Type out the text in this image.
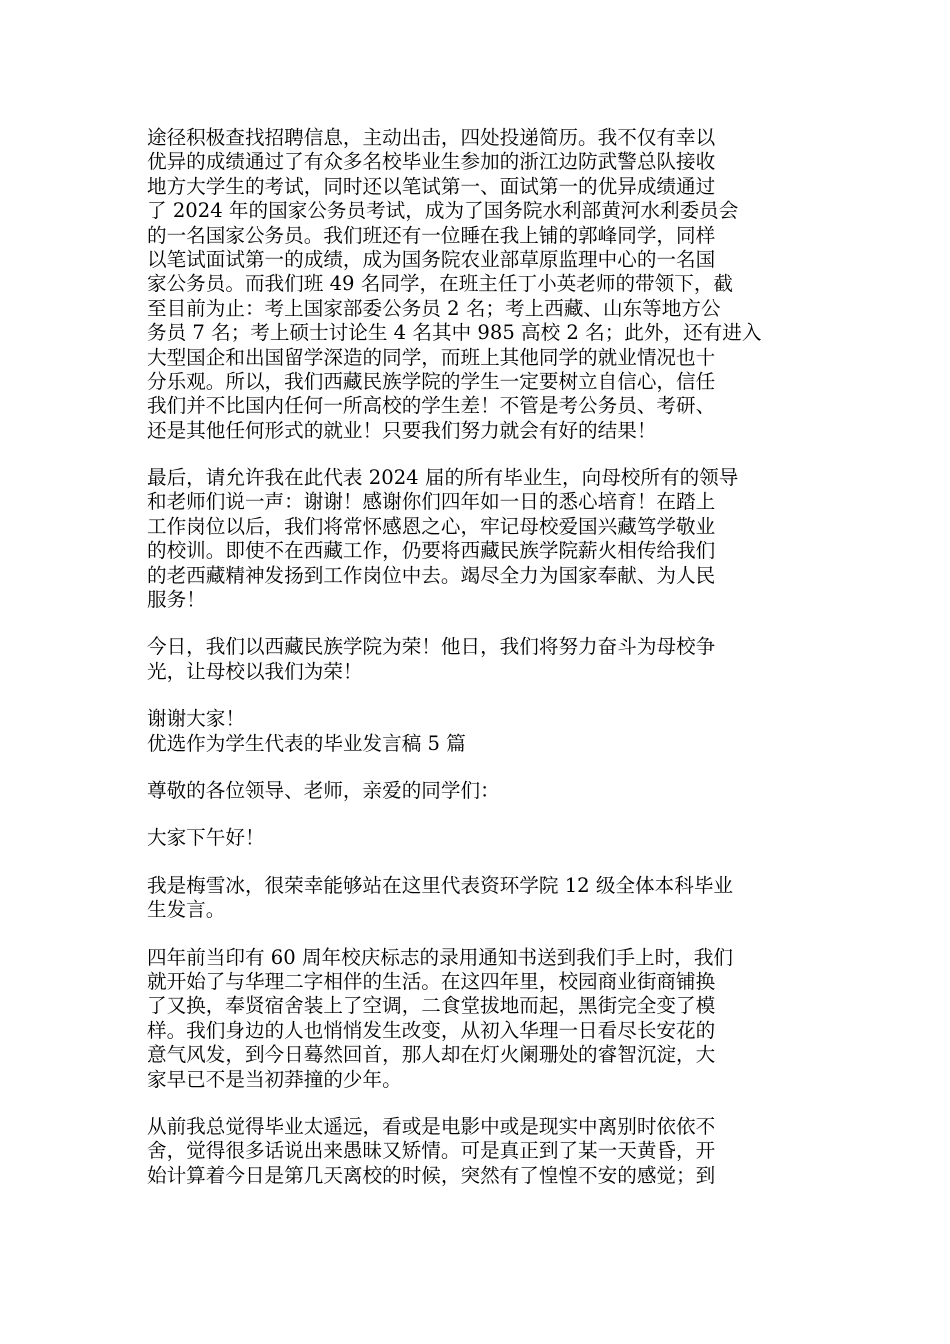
途径积极查找招聘信息，主动出击，四处投递简历。我不仅有幸以
优异的成绩通过了有众多名校毕业生参加的浙江边防武警总队接收
地方大学生的考试，同时还以笔试第一、面试第一的优异成绩通过
了 2024 年的国家公务员考试，成为了国务院水利部黄河水利委员会
的一名国家公务员。我们班还有一位睡在我上铺的郭峰同学，同样
以笔试面试第一的成绩，成为国务院农业部草原监理中心的一名国
家公务员。而我们班 49 名同学，在班主任丁小英老师的带领下，截
至目前为止：考上国家部委公务员 2 名；考上西藏、山东等地方公
务员 7 名；考上硕士讨论生 4 名其中 985 高校 2 名；此外，还有进入
大型国企和出国留学深造的同学，而班上其他同学的就业情况也十
分乐观。所以，我们西藏民族学院的学生一定要树立自信心，信任
我们并不比国内任何一所高校的学生差！不管是考公务员、考研、
还是其他任何形式的就业！只要我们努力就会有好的结果！
最后，请允许我在此代表 2024 届的所有毕业生，向母校所有的领导
和老师们说一声：谢谢！感谢你们四年如一日的悉心培育！在踏上
工作岗位以后，我们将常怀感恩之心，牢记母校爱国兴藏笃学敬业
的校训。即使不在西藏工作，仍要将西藏民族学院薪火相传给我们
的老西藏精神发扬到工作岗位中去。竭尽全力为国家奉献、为人民
服务！
今日，我们以西藏民族学院为荣！他日，我们将努力奋斗为母校争
光，让母校以我们为荣！
谢谢大家！
优选作为学生代表的毕业发言稿 5 篇
尊敬的各位领导、老师，亲爱的同学们：
大家下午好！
我是梅雪冰，很荣幸能够站在这里代表资环学院 12 级全体本科毕业
生发言。
四年前当印有 60 周年校庆标志的录用通知书送到我们手上时，我们
就开始了与华理二字相伴的生活。在这四年里，校园商业街商铺换
了又换，奉贤宿舍装上了空调，二食堂拔地而起，黑街完全变了模
样。我们身边的人也悄悄发生改变，从初入华理一日看尽长安花的
意气风发，到今日蓦然回首，那人却在灯火阑珊处的睿智沉淀，大
家早已不是当初莽撞的少年。
从前我总觉得毕业太遥远，看或是电影中或是现实中离别时依依不
舍，觉得很多话说出来愚昧又矫情。可是真正到了某一天黄昏，开
始计算着今日是第几天离校的时候，突然有了惶惶不安的感觉；到
